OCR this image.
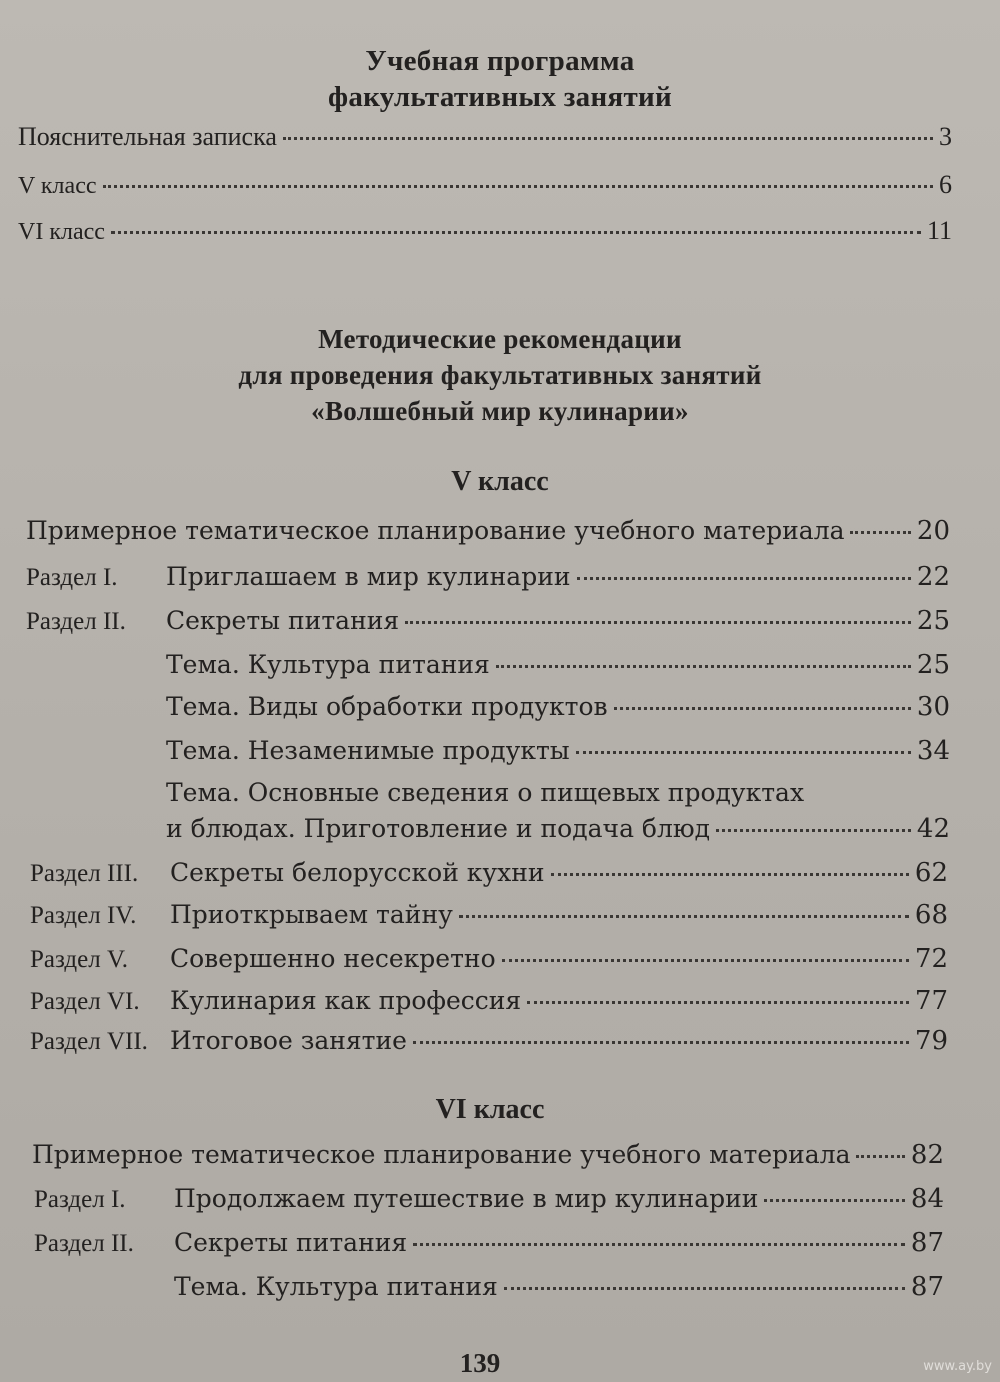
Учебная программа
факультативных занятий
Пояснительная записка	3
V класс	6
VI класс	11
Методические рекомендации
для проведения факультативных занятий
«Волшебный мир кулинарии»
V класс
Примерное тематическое планирование учебного материала	20
Раздел I.	Приглашаем в мир кулинарии	22
Раздел II.	Секреты питания	25
Тема. Культура питания	25
Тема. Виды обработки продуктов	30
Тема. Незаменимые продукты	34
Тема. Основные сведения о пищевых продуктах
и блюдах. Приготовление и подача блюд	42
Раздел III.	Секреты белорусской кухни	62
Раздел IV.	Приоткрываем тайну	68
Раздел V.	Совершенно несекретно	72
Раздел VI.	Кулинария как профессия	77
Раздел VII. Итоговое занятие	79
VI класс
Примерное тематическое планирование учебного материала 82
Раздел I.	Продолжаем путешествие в мир кулинарии	84
Раздел II.	Секреты питания	87
Тема. Культура питания	87
139	www.ay.by
